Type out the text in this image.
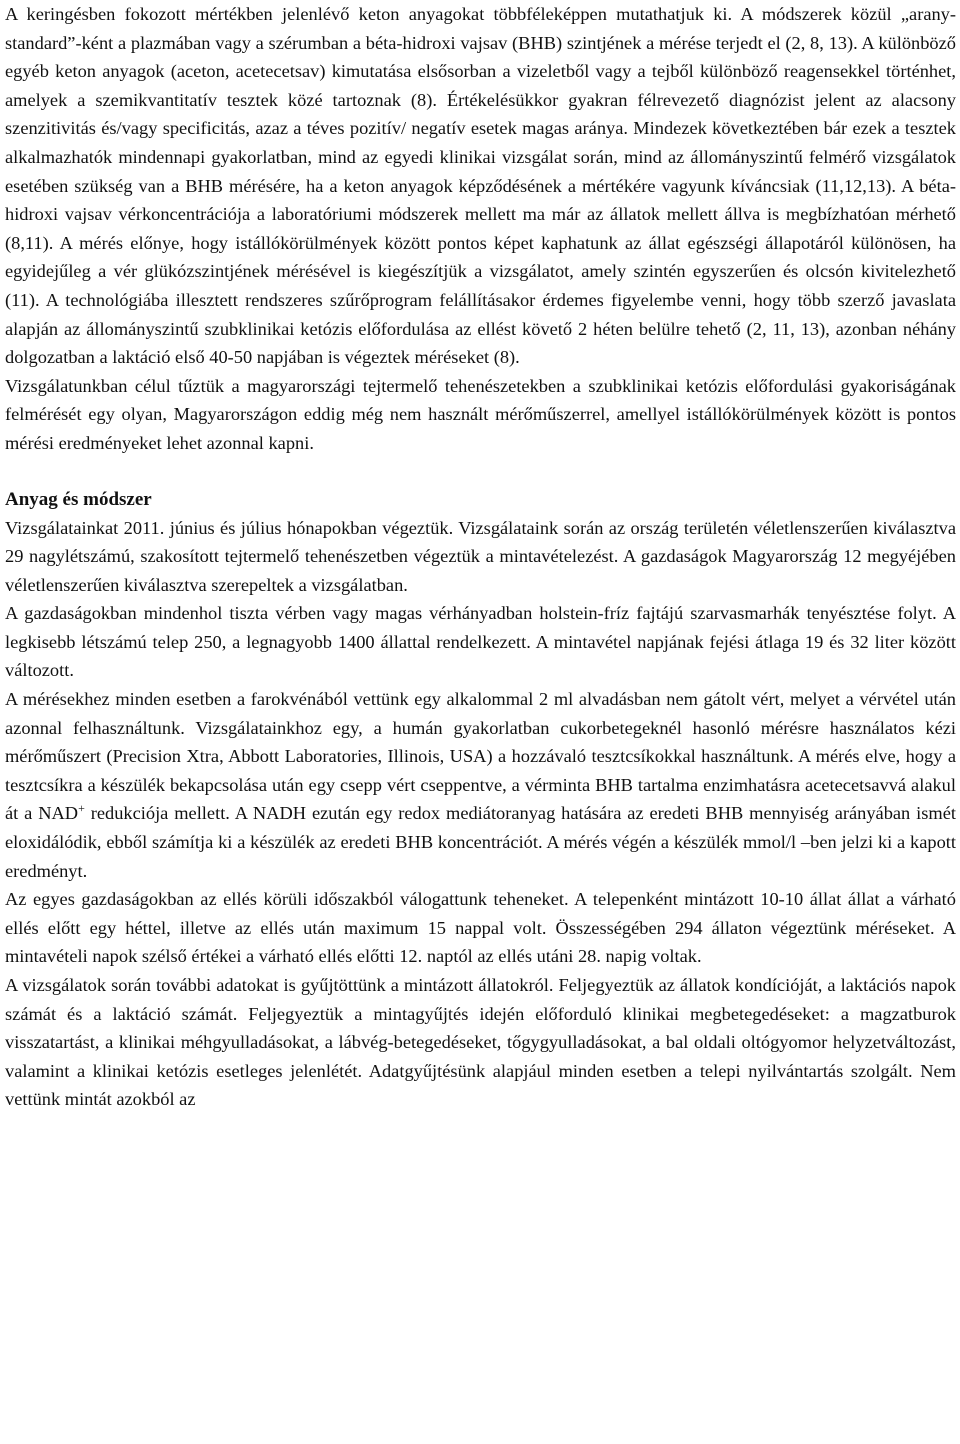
A keringésben fokozott mértékben jelenlévő keton anyagokat többféleképpen mutathatjuk ki. A módszerek közül „arany-standard”-ként a plazmában vagy a szérumban a béta-hidroxi vajsav (BHB) szintjének a mérése terjedt el (2, 8, 13). A különböző egyéb keton anyagok (aceton, acetecetsav) kimutatása elsősorban a vizeletből vagy a tejből különböző reagensekkel történhet, amelyek a szemikvantitatív tesztek közé tartoznak (8). Értékelésükkor gyakran félrevezető diagnózist jelent az alacsony szenzitivitás és/vagy specificitás, azaz a téves pozitív/ negatív esetek magas aránya. Mindezek következtében bár ezek a tesztek alkalmazhatók mindennapi gyakorlatban, mind az egyedi klinikai vizsgálat során, mind az állományszintű felmérő vizsgálatok esetében szükség van a BHB mérésére, ha a keton anyagok képződésének a mértékére vagyunk kíváncsiak (11,12,13). A béta-hidroxi vajsav vérkoncentrációja a laboratóriumi módszerek mellett ma már az állatok mellett állva is megbízhatóan mérhető (8,11). A mérés előnye, hogy istállókörülmények között pontos képet kaphatunk az állat egészségi állapotáról különösen, ha egyidejűleg a vér glükózszintjének mérésével is kiegészítjük a vizsgálatot, amely szintén egyszerűen és olcsón kivitelezhető (11). A technológiába illesztett rendszeres szűrőprogram felállításakor érdemes figyelembe venni, hogy több szerző javaslata alapján az állományszintű szubklinikai ketózis előfordulása az ellést követő 2 héten belülre tehető (2, 11, 13), azonban néhány dolgozatban a laktáció első 40-50 napjában is végeztek méréseket (8).

Vizsgálatunkban célul tűztük a magyarországi tejtermelő tehenészetekben a szubklinikai ketózis előfordulási gyakoriságának felmérését egy olyan, Magyarországon eddig még nem használt mérőműszerrel, amellyel istállókörülmények között is pontos mérési eredményeket lehet azonnal kapni.

Anyag és módszer

Vizsgálatainkat 2011. június és július hónapokban végeztük. Vizsgálataink során az ország területén véletlenszerűen kiválasztva 29 nagylétszámú, szakosított tejtermelő tehenészetben végeztük a mintavételezést. A gazdaságok Magyarország 12 megyéjében véletlenszerűen kiválasztva szerepeltek a vizsgálatban.

A gazdaságokban mindenhol tiszta vérben vagy magas vérhányadban holstein-fríz fajtájú szarvasmarhák tenyésztése folyt. A legkisebb létszámú telep 250, a legnagyobb 1400 állattal rendelkezett. A mintavétel napjának fejési átlaga 19 és 32 liter között változott.

A mérésekhez minden esetben a farokvénából vettünk egy alkalommal 2 ml alvadásban nem gátolt vért, melyet a vérvétel után azonnal felhasználtunk. Vizsgálatainkhoz egy, a humán gyakorlatban cukorbetegeknél hasonló mérésre használatos kézi mérőműszert (Precision Xtra, Abbott Laboratories, Illinois, USA) a hozzávaló tesztcsíkokkal használtunk. A mérés elve, hogy a tesztcsíkra a készülék bekapcsolása után egy csepp vért cseppentve, a vérminta BHB tartalma enzimhatásra acetecetsavvá alakul át a NAD+ redukciója mellett. A NADH ezután egy redox mediátoranyag hatására az eredeti BHB mennyiség arányában ismét eloxidálódik, ebből számítja ki a készülék az eredeti BHB koncentrációt. A mérés végén a készülék mmol/l –ben jelzi ki a kapott eredményt.

Az egyes gazdaságokban az ellés körüli időszakból válogattunk teheneket. A telepenként mintázott 10-10 állat állat a várható ellés előtt egy héttel, illetve az ellés után maximum 15 nappal volt. Összességében 294 állaton végeztünk méréseket. A mintavételi napok szélső értékei a várható ellés előtti 12. naptól az ellés utáni 28. napig voltak.

A vizsgálatok során további adatokat is gyűjtöttünk a mintázott állatokról. Feljegyeztük az állatok kondícióját, a laktációs napok számát és a laktáció számát. Feljegyeztük a mintagyűjtés idején előforduló klinikai megbetegedéseket: a magzatburok visszatartást, a klinikai méhgyulladásokat, a lábvég-betegedéseket, tőgygyulladásokat, a bal oldali oltógyomor helyzetváltozást, valamint a klinikai ketózis esetleges jelenlétét. Adatgyűjtésünk alapjául minden esetben a telepi nyilvántartás szolgált. Nem vettünk mintát azokból az
